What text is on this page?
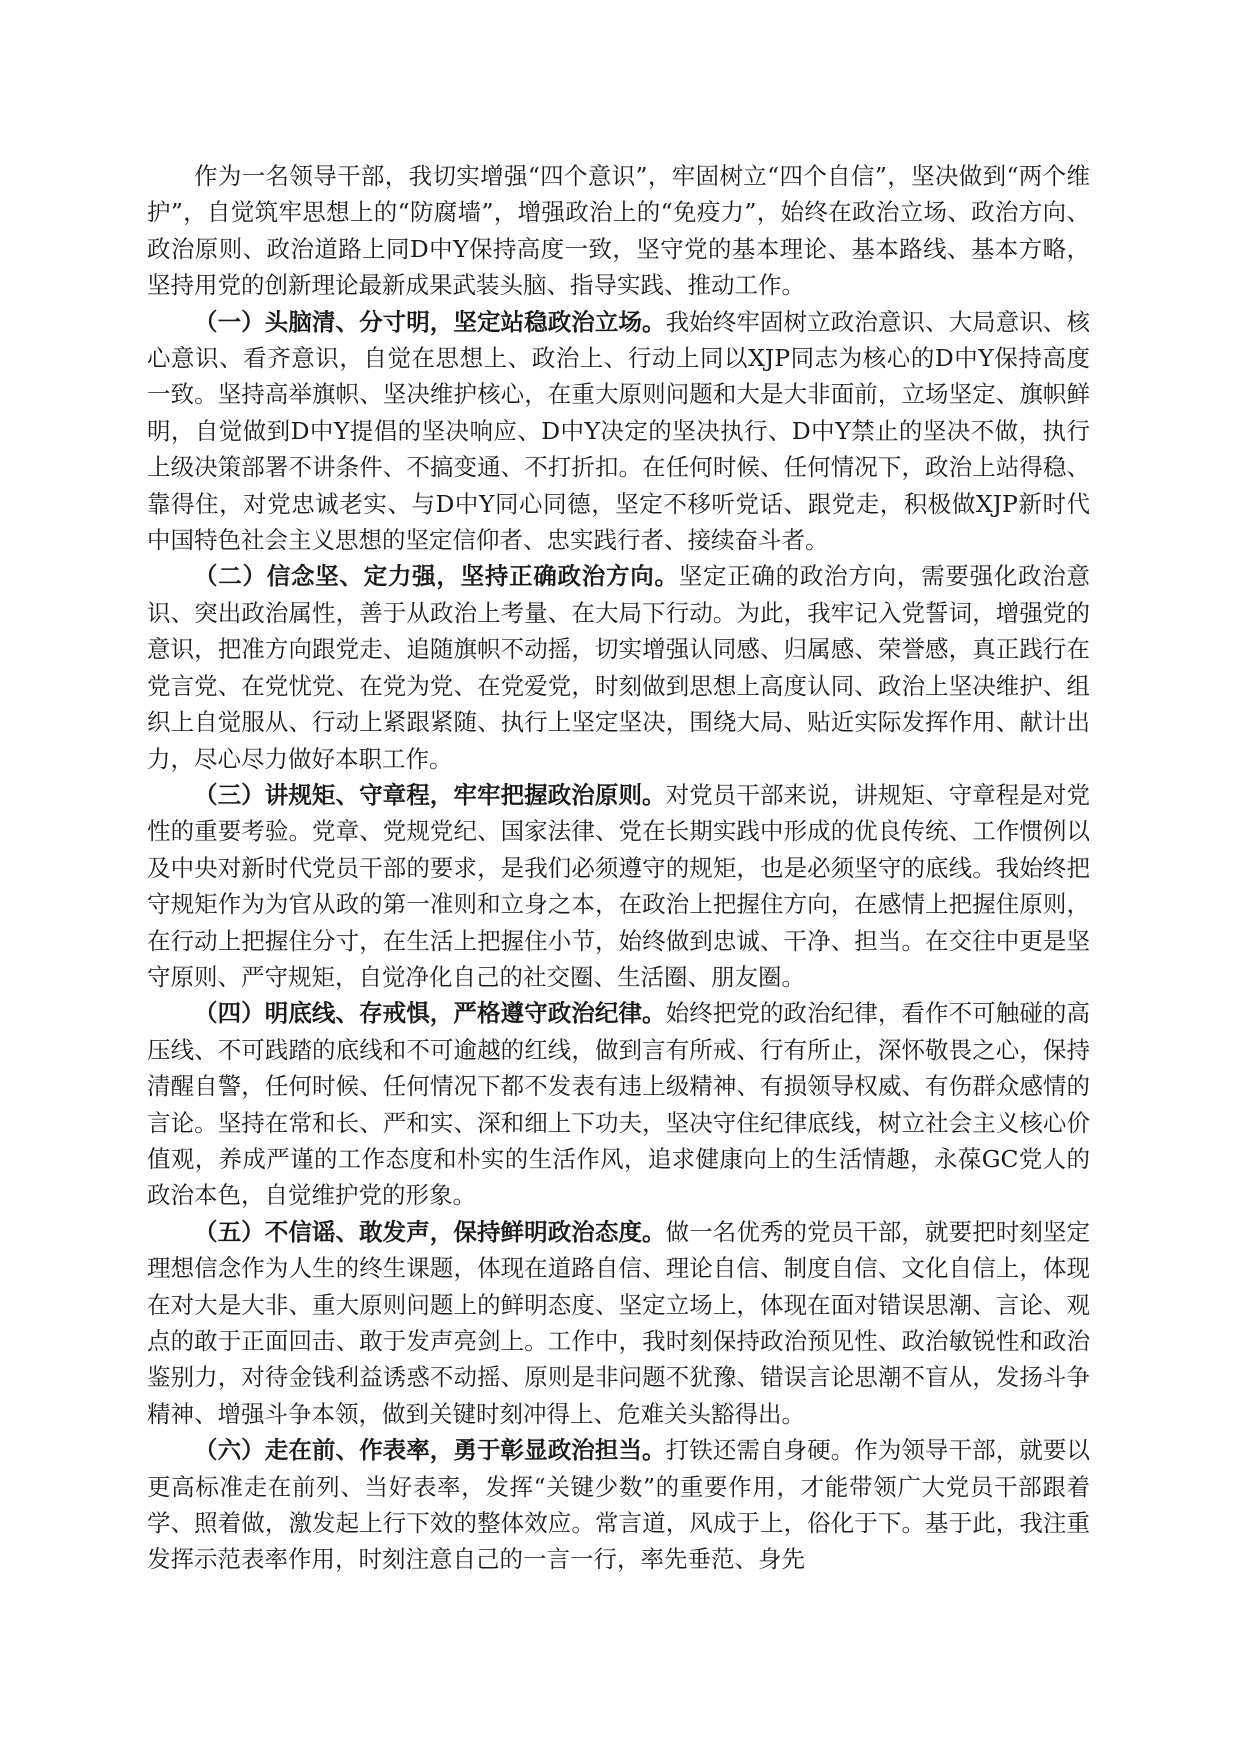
作为一名领导干部，我切实增强“四个意识”，牢固树立“四个自信”，坚决做到“两个维护”，自觉筑牢思想上的“防腐墙”，增强政治上的“免疫力”，始终在政治立场、政治方向、政治原则、政治道路上同D中Y保持高度一致，坚守党的基本理论、基本路线、基本方略，坚持用党的创新理论最新成果武装头脑、指导实践、推动工作。

（一）头脑清、分寸明，坚定站稳政治立场。我始终牢固树立政治意识、大局意识、核心意识、看齐意识，自觉在思想上、政治上、行动上同以XJP同志为核心的D中Y保持高度一致。坚持高举旗帜、坚决维护核心，在重大原则问题和大是大非面前，立场坚定、旗帜鲜明，自觉做到D中Y提倡的坚决响应、D中Y决定的坚决执行、D中Y禁止的坚决不做，执行上级决策部署不讲条件、不搞变通、不打折扣。在任何时候、任何情况下，政治上站得稳、靠得住，对党忠诚老实、与D中Y同心同德，坚定不移听党话、跟党走，积极做XJP新时代中国特色社会主义思想的坚定信仰者、忠实践行者、接续奋斗者。

（二）信念坚、定力强，坚持正确政治方向。坚定正确的政治方向，需要强化政治意识、突出政治属性，善于从政治上考量、在大局下行动。为此，我牢记入党誓词，增强党的意识，把准方向跟党走、追随旗帜不动摇，切实增强认同感、归属感、荣誉感，真正践行在党言党、在党忧党、在党为党、在党爱党，时刻做到思想上高度认同、政治上坚决维护、组织上自觉服从、行动上紧跟紧随、执行上坚定坚决，围绕大局、贴近实际发挥作用、献计出力，尽心尽力做好本职工作。

（三）讲规矩、守章程，牢牢把握政治原则。对党员干部来说，讲规矩、守章程是对党性的重要考验。党章、党规党纪、国家法律、党在长期实践中形成的优良传统、工作惯例以及中央对新时代党员干部的要求，是我们必须遵守的规矩，也是必须坚守的底线。我始终把守规矩作为为官从政的第一准则和立身之本，在政治上把握住方向，在感情上把握住原则，在行动上把握住分寸，在生活上把握住小节，始终做到忠诚、干净、担当。在交往中更是坚守原则、严守规矩，自觉净化自己的社交圈、生活圈、朋友圈。

（四）明底线、存戒惧，严格遵守政治纪律。始终把党的政治纪律，看作不可触碰的高压线、不可践踏的底线和不可逾越的红线，做到言有所戒、行有所止，深怀敬畏之心，保持清醒自警，任何时候、任何情况下都不发表有违上级精神、有损领导权威、有伤群众感情的言论。坚持在常和长、严和实、深和细上下功夫，坚决守住纪律底线，树立社会主义核心价值观，养成严谨的工作态度和朴实的生活作风，追求健康向上的生活情趣，永葆GC党人的政治本色，自觉维护党的形象。

（五）不信谣、敢发声，保持鲜明政治态度。做一名优秀的党员干部，就要把时刻坚定理想信念作为人生的终生课题，体现在道路自信、理论自信、制度自信、文化自信上，体现在对大是大非、重大原则问题上的鲜明态度、坚定立场上，体现在面对错误思潮、言论、观点的敢于正面回击、敢于发声亮剑上。工作中，我时刻保持政治预见性、政治敏锐性和政治鉴别力，对待金钱利益诱惑不动摇、原则是非问题不犹豫、错误言论思潮不盲从，发扬斗争精神、增强斗争本领，做到关键时刻冲得上、危难关头豁得出。

（六）走在前、作表率，勇于彰显政治担当。打铁还需自身硬。作为领导干部，就要以更高标准走在前列、当好表率，发挥“关键少数”的重要作用，才能带领广大党员干部跟着学、照着做，激发起上行下效的整体效应。常言道，风成于上，俗化于下。基于此，我注重发挥示范表率作用，时刻注意自己的一言一行，率先垂范、身先
